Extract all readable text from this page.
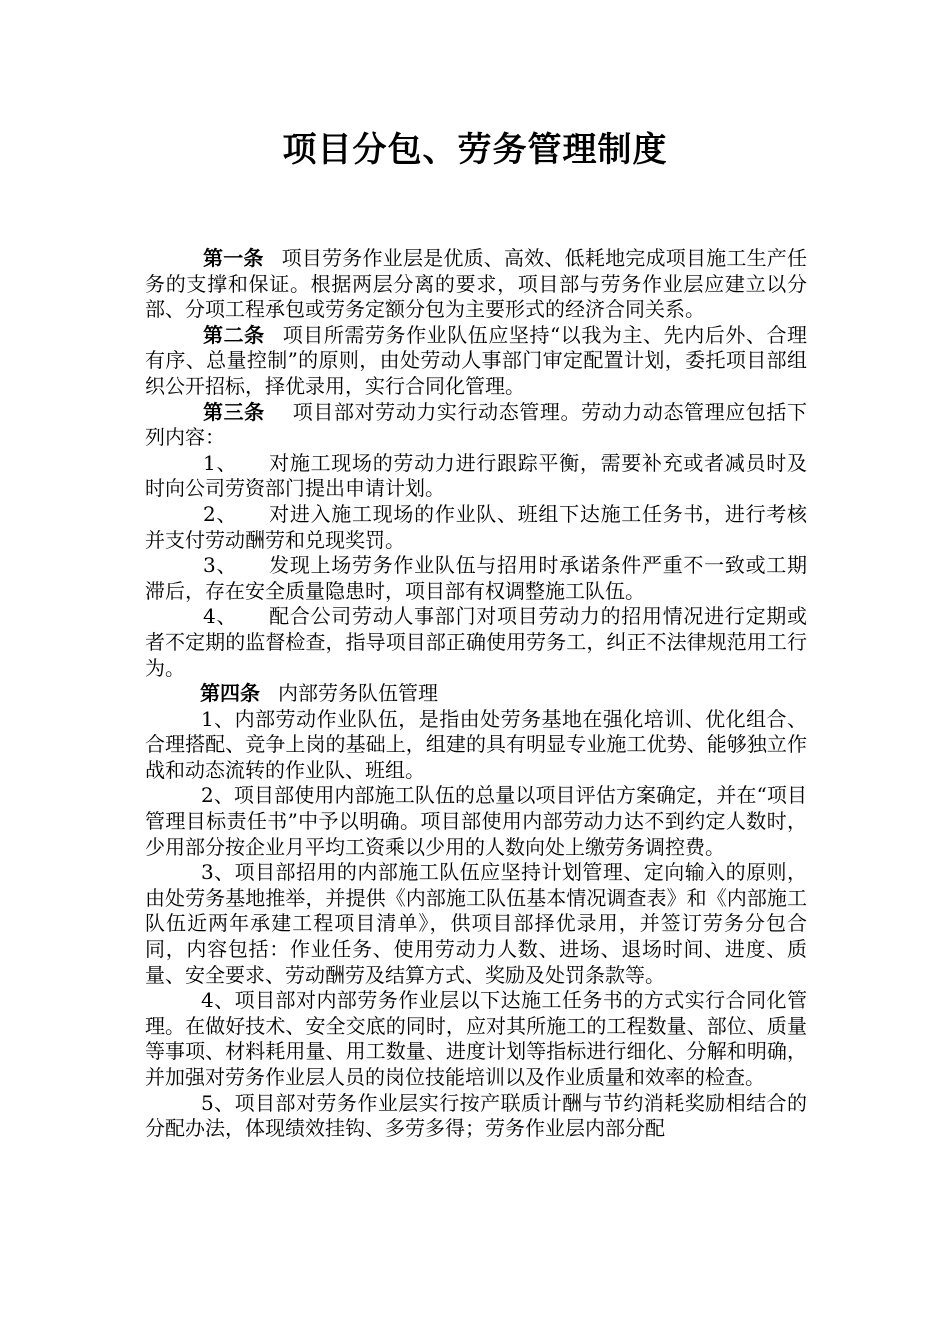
项目分包、劳务管理制度

第一条 项目劳务作业层是优质、高效、低耗地完成项目施工生产任务的支撑和保证。根据两层分离的要求，项目部与劳务作业层应建立以分部、分项工程承包或劳务定额分包为主要形式的经济合同关系。

第二条 项目所需劳务作业队伍应坚持“以我为主、先内后外、合理有序、总量控制”的原则，由处劳动人事部门审定配置计划，委托项目部组织公开招标，择优录用，实行合同化管理。

第三条 项目部对劳动力实行动态管理。劳动力动态管理应包括下列内容：

1、 对施工现场的劳动力进行跟踪平衡，需要补充或者减员时及时向公司劳资部门提出申请计划。

2、 对进入施工现场的作业队、班组下达施工任务书，进行考核并支付劳动酬劳和兑现奖罚。

3、 发现上场劳务作业队伍与招用时承诺条件严重不一致或工期滞后，存在安全质量隐患时，项目部有权调整施工队伍。

4、 配合公司劳动人事部门对项目劳动力的招用情况进行定期或者不定期的监督检查，指导项目部正确使用劳务工，纠正不法律规范用工行为。

第四条 内部劳务队伍管理

1、内部劳动作业队伍，是指由处劳务基地在强化培训、优化组合、合理搭配、竞争上岗的基础上，组建的具有明显专业施工优势、能够独立作战和动态流转的作业队、班组。

2、项目部使用内部施工队伍的总量以项目评估方案确定，并在“项目管理目标责任书”中予以明确。项目部使用内部劳动力达不到约定人数时，少用部分按企业月平均工资乘以少用的人数向处上缴劳务调控费。

3、项目部招用的内部施工队伍应坚持计划管理、定向输入的原则，由处劳务基地推举，并提供《内部施工队伍基本情况调查表》和《内部施工队伍近两年承建工程项目清单》，供项目部择优录用，并签订劳务分包合同，内容包括：作业任务、使用劳动力人数、进场、退场时间、进度、质量、安全要求、劳动酬劳及结算方式、奖励及处罚条款等。

4、项目部对内部劳务作业层以下达施工任务书的方式实行合同化管理。在做好技术、安全交底的同时，应对其所施工的工程数量、部位、质量等事项、材料耗用量、用工数量、进度计划等指标进行细化、分解和明确，并加强对劳务作业层人员的岗位技能培训以及作业质量和效率的检查。

5、项目部对劳务作业层实行按产联质计酬与节约消耗奖励相结合的分配办法，体现绩效挂钩、多劳多得；劳务作业层内部分配
